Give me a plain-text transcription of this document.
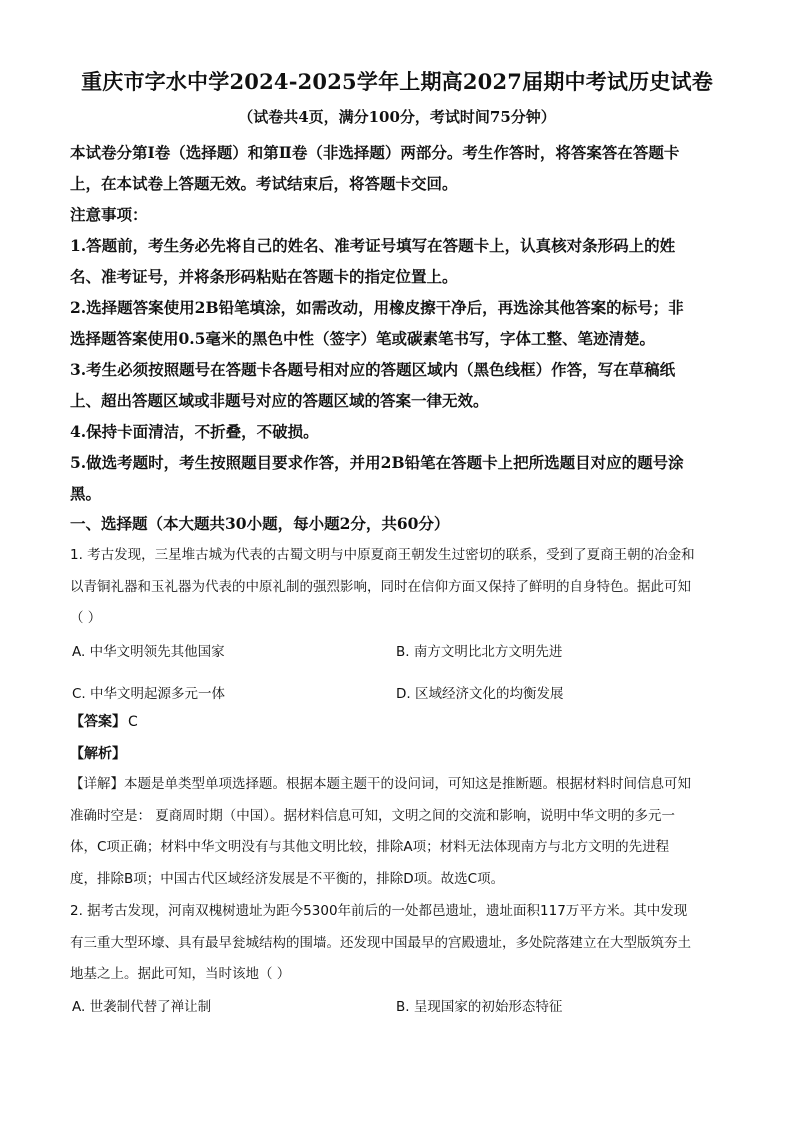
重庆市字水中学2024-2025学年上期高2027届期中考试历史试卷
（试卷共4页，满分100分，考试时间75分钟）
本试卷分第Ⅰ卷（选择题）和第Ⅱ卷（非选择题）两部分。考生作答时，将答案答在答题卡
上，在本试卷上答题无效。考试结束后，将答题卡交回。
注意事项：
1.答题前，考生务必先将自己的姓名、准考证号填写在答题卡上，认真核对条形码上的姓
名、准考证号，并将条形码粘贴在答题卡的指定位置上。
2.选择题答案使用2B铅笔填涂，如需改动，用橡皮擦干净后，再选涂其他答案的标号；非
选择题答案使用0.5毫米的黑色中性（签字）笔或碳素笔书写，字体工整、笔迹清楚。
3.考生必须按照题号在答题卡各题号相对应的答题区域内（黑色线框）作答，写在草稿纸
上、超出答题区域或非题号对应的答题区域的答案一律无效。
4.保持卡面清洁，不折叠，不破损。
5.做选考题时，考生按照题目要求作答，并用2B铅笔在答题卡上把所选题目对应的题号涂
黑。
一、选择题（本大题共30小题，每小题2分，共60分）
1. 考古发现，三星堆古城为代表的古蜀文明与中原夏商王朝发生过密切的联系，受到了夏商王朝的冶金和
以青铜礼器和玉礼器为代表的中原礼制的强烈影响，同时在信仰方面又保持了鲜明的自身特色。据此可知
（ ）
A. 中华文明领先其他国家	B. 南方文明比北方文明先进
C. 中华文明起源多元一体	D. 区域经济文化的均衡发展
【答案】 C
【解析】
【详解】本题是单类型单项选择题。根据本题主题干的设问词，可知这是推断题。根据材料时间信息可知
准确时空是： 夏商周时期（中国）。据材料信息可知，文明之间的交流和影响，说明中华文明的多元一
体，C项正确；材料中华文明没有与其他文明比较，排除A项；材料无法体现南方与北方文明的先进程
度，排除B项；中国古代区域经济发展是不平衡的，排除D项。故选C项。
2. 据考古发现，河南双槐树遗址为距今5300年前后的一处都邑遗址，遗址面积117万平方米。其中发现
有三重大型环壕、具有最早瓮城结构的围墙。还发现中国最早的宫殿遗址，多处院落建立在大型版筑夯土
地基之上。据此可知，当时该地（ ）
A. 世袭制代替了禅让制	B. 呈现国家的初始形态特征
